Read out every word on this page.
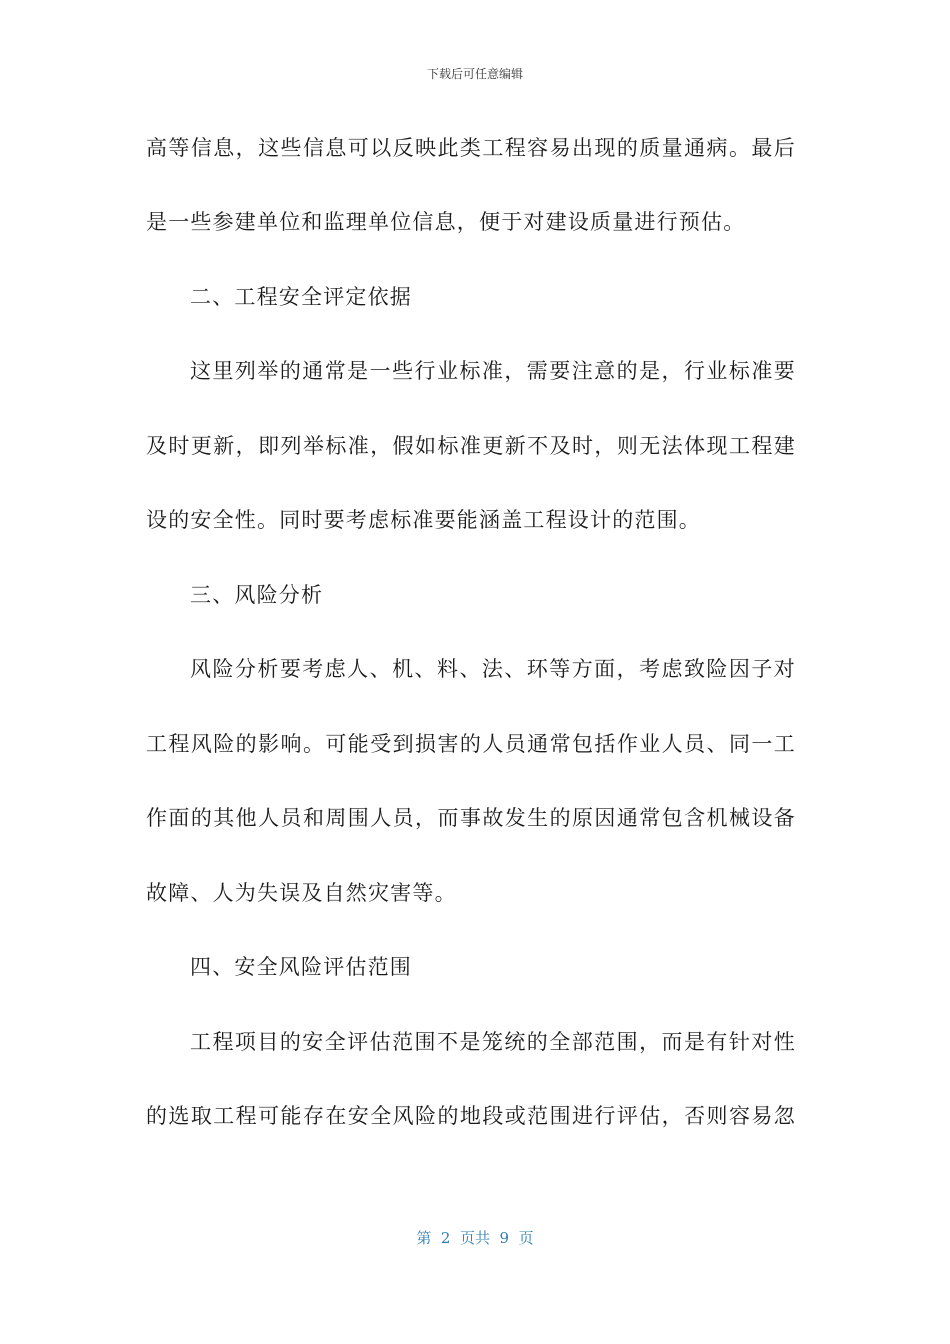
下载后可任意编辑
高等信息，这些信息可以反映此类工程容易出现的质量通病。最后
是一些参建单位和监理单位信息，便于对建设质量进行预估。
二、工程安全评定依据
这里列举的通常是一些行业标准，需要注意的是，行业标准要
及时更新，即列举标准，假如标准更新不及时，则无法体现工程建
设的安全性。同时要考虑标准要能涵盖工程设计的范围。
三、风险分析
风险分析要考虑人、机、料、法、环等方面，考虑致险因子对
工程风险的影响。可能受到损害的人员通常包括作业人员、同一工
作面的其他人员和周围人员，而事故发生的原因通常包含机械设备
故障、人为失误及自然灾害等。
四、安全风险评估范围
工程项目的安全评估范围不是笼统的全部范围，而是有针对性
的选取工程可能存在安全风险的地段或范围进行评估，否则容易忽
第  2  页共  9  页
